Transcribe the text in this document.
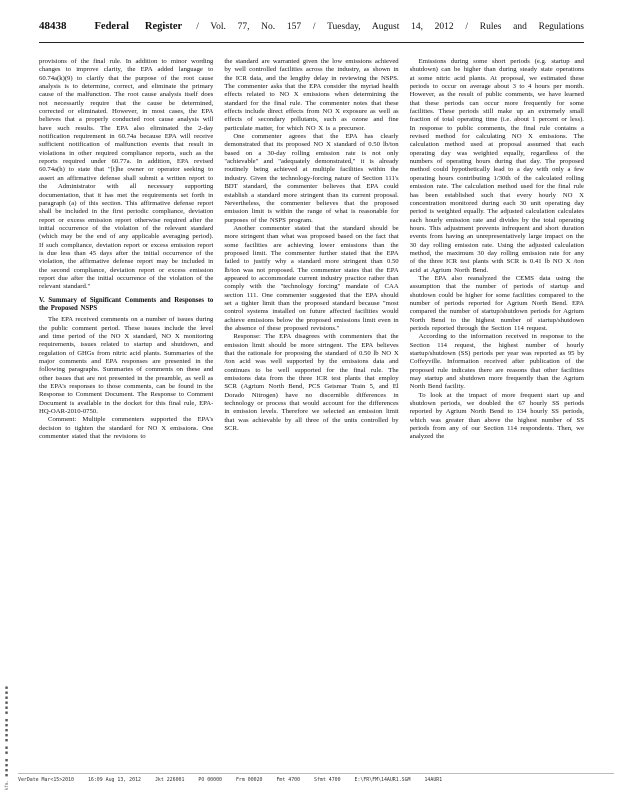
48438	Federal Register / Vol. 77, No. 157 / Tuesday, August 14, 2012 / Rules and Regulations

provisions of the final rule. In addition to minor wording changes to improve clarity, the EPA added language to 60.74a(k)(9) to clarify that the purpose of the root cause analysis is to determine, correct, and eliminate the primary cause of the malfunction. The root cause analysis itself does not necessarily require that the cause be determined, corrected or eliminated. However, in most cases, the EPA believes that a properly conducted root cause analysis will have such results. The EPA also eliminated the 2-day notification requirement in 60.74a because EPA will receive sufficient notification of malfunction events that result in violations in other required compliance reports, such as the reports required under 60.77a. In addition, EPA revised 60.74a(h) to state that "[t]he owner or operator seeking to assert an affirmative defense shall submit a written report to the Administrator with all necessary supporting documentation, that it has met the requirements set forth in paragraph (a) of this section. This affirmative defense report shall be included in the first periodic compliance, deviation report or excess emission report otherwise required after the initial occurrence of the violation of the relevant standard (which may be the end of any applicable averaging period). If such compliance, deviation report or excess emission report is due less than 45 days after the initial occurrence of the violation, the affirmative defense report may be included in the second compliance, deviation report or excess emission report due after the initial occurrence of the violation of the relevant standard."

V. Summary of Significant Comments and Responses to the Proposed NSPS

The EPA received comments on a number of issues during the public comment period. These issues include the level and time period of the NO X standard, NO X monitoring requirements, issues related to startup and shutdown, and regulation of GHGs from nitric acid plants. Summaries of the major comments and EPA responses are presented in the following paragraphs. Summaries of comments on these and other issues that are not presented in the preamble, as well as the EPA's responses to those comments, can be found in the Response to Comment Document. The Response to Comment Document is available in the docket for this final rule, EPA-HQ-OAR-2010-0750.

Comment: Multiple commenters supported the EPA's decision to tighten the standard for NO X emissions. One commenter stated that the revisions to

the standard are warranted given the low emissions achieved by well controlled facilities across the industry, as shown in the ICR data, and the lengthy delay in reviewing the NSPS. The commenter asks that the EPA consider the myriad health effects related to NO X emissions when determining the standard for the final rule. The commenter notes that these effects include direct effects from NO X exposure as well as effects of secondary pollutants, such as ozone and fine particulate matter, for which NO X is a precursor.

One commenter agrees that the EPA has clearly demonstrated that its proposed NO X standard of 0.50 lb/ton based on a 30-day rolling emission rate is not only "achievable" and "adequately demonstrated," it is already routinely being achieved at multiple facilities within the industry. Given the technology-forcing nature of Section 111's BDT standard, the commenter believes that EPA could establish a standard more stringent than its current proposal. Nevertheless, the commenter believes that the proposed emission limit is within the range of what is reasonable for purposes of the NSPS program.

Another commenter stated that the standard should be more stringent than what was proposed based on the fact that some facilities are achieving lower emissions than the proposed limit. The commenter further stated that the EPA failed to justify why a standard more stringent than 0.50 lb/ton was not proposed. The commenter states that the EPA appeared to accommodate current industry practice rather than comply with the "technology forcing" mandate of CAA section 111. One commenter suggested that the EPA should set a tighter limit than the proposed standard because "most control systems installed on future affected facilities would achieve emissions below the proposed emissions limit even in the absence of these proposed revisions."

Response: The EPA disagrees with commenters that the emission limit should be more stringent. The EPA believes that the rationale for proposing the standard of 0.50 lb NO X /ton acid was well supported by the emissions data and continues to be well supported for the final rule. The emissions data from the three ICR test plants that employ SCR (Agrium North Bend, PCS Geismar Train 5, and El Dorado Nitrogen) have no discernible differences in technology or process that would account for the differences in emission levels. Therefore we selected an emission limit that was achievable by all three of the units controlled by SCR.

Emissions during some short periods (e.g. startup and shutdown) can be higher than during steady state operations at some nitric acid plants. At proposal, we estimated these periods to occur on average about 3 to 4 hours per month. However, as the result of public comments, we have learned that these periods can occur more frequently for some facilities. These periods still make up an extremely small fraction of total operating time (i.e. about 1 percent or less). In response to public comments, the final rule contains a revised method for calculating NO X emissions. The calculation method used at proposal assumed that each operating day was weighted equally, regardless of the numbers of operating hours during that day. The proposed method could hypothetically lead to a day with only a few operating hours contributing 1/30th of the calculated rolling emission rate. The calculation method used for the final rule has been established such that every hourly NO X concentration monitored during each 30 unit operating day period is weighted equally. The adjusted calculation calculates each hourly emission rate and divides by the total operating hours. This adjustment prevents infrequent and short duration events from having an unrepresentatively large impact on the 30 day rolling emission rate. Using the adjusted calculation method, the maximum 30 day rolling emission rate for any of the three ICR test plants with SCR is 0.41 lb NO X /ton acid at Agrium North Bend.

The EPA also reanalyzed the CEMS data using the assumption that the number of periods of startup and shutdown could be higher for some facilities compared to the number of periods reported for Agrium North Bend. EPA compared the number of startup/shutdown periods for Agrium North Bend to the highest number of startup/shutdown periods reported through the Section 114 request.

According to the information received in response to the Section 114 request, the highest number of hourly startup/shutdown (SS) periods per year was reported as 95 by Coffeyville. Information received after publication of the proposed rule indicates there are reasons that other facilities may startup and shutdown more frequently than the Agrium North Bend facility.

To look at the impact of more frequent start up and shutdown periods, we doubled the 67 hourly SS periods reported by Agrium North Bend to 134 hourly SS periods, which was greater than above the highest number of SS periods from any of our Section 114 respondents. Then, we analyzed the

kfm. ■■■■ ■■ ■■■■■ ■■■■■■	VerDate Mar<15>2010	16:09 Aug 13, 2012	Jkt 226001	PO 00000	Frm 00020	Fmt 4700	Sfmt 4700	E:\FR\FM\14AUR1.SGM	14AUR1
